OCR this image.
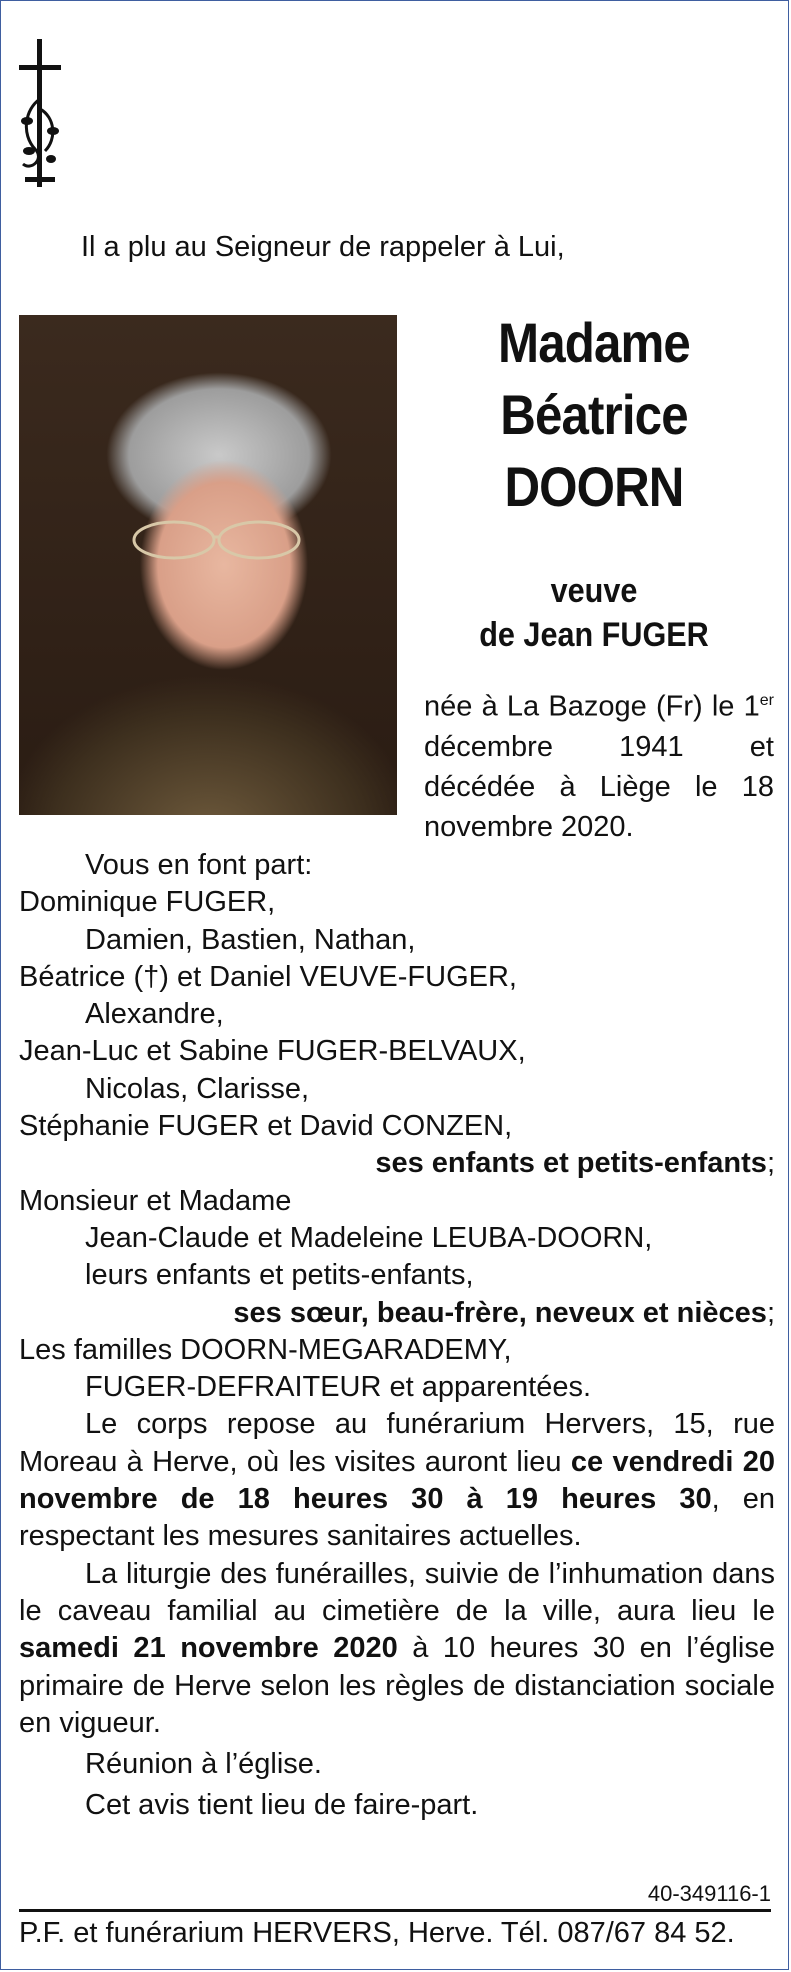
Il a plu au Seigneur de rappeler à Lui,
Madame
Béatrice
DOORN
veuve
de Jean FUGER
née à La Bazoge (Fr) le 1er décembre 1941 et décédée à Liège le 18 novembre 2020.

Vous en font part:

Dominique FUGER,

Damien, Bastien, Nathan,

Béatrice (†) et Daniel VEUVE-FUGER,

Alexandre,

Jean-Luc et Sabine FUGER-BELVAUX,

Nicolas, Clarisse,

Stéphanie FUGER et David CONZEN,

ses enfants et petits-enfants;

Monsieur et Madame

Jean-Claude et Madeleine LEUBA-DOORN,

leurs enfants et petits-enfants,

ses sœur, beau-frère, neveux et nièces;

Les familles DOORN-MEGARADEMY,

FUGER-DEFRAITEUR et apparentées.

Le corps repose au funérarium Hervers, 15, rue Moreau à Herve, où les visites auront lieu ce vendredi 20 novembre de 18 heures 30 à 19 heures 30, en respectant les mesures sanitaires actuelles.

La liturgie des funérailles, suivie de l’inhumation dans le caveau familial au cimetière de la ville, aura lieu le samedi 21 novembre 2020 à 10 heures 30 en l’église primaire de Herve selon les règles de distanciation sociale en vigueur.

Réunion à l’église.

Cet avis tient lieu de faire-part.

40-349116-1
P.F. et funérarium HERVERS, Herve. Tél. 087/67 84 52.
